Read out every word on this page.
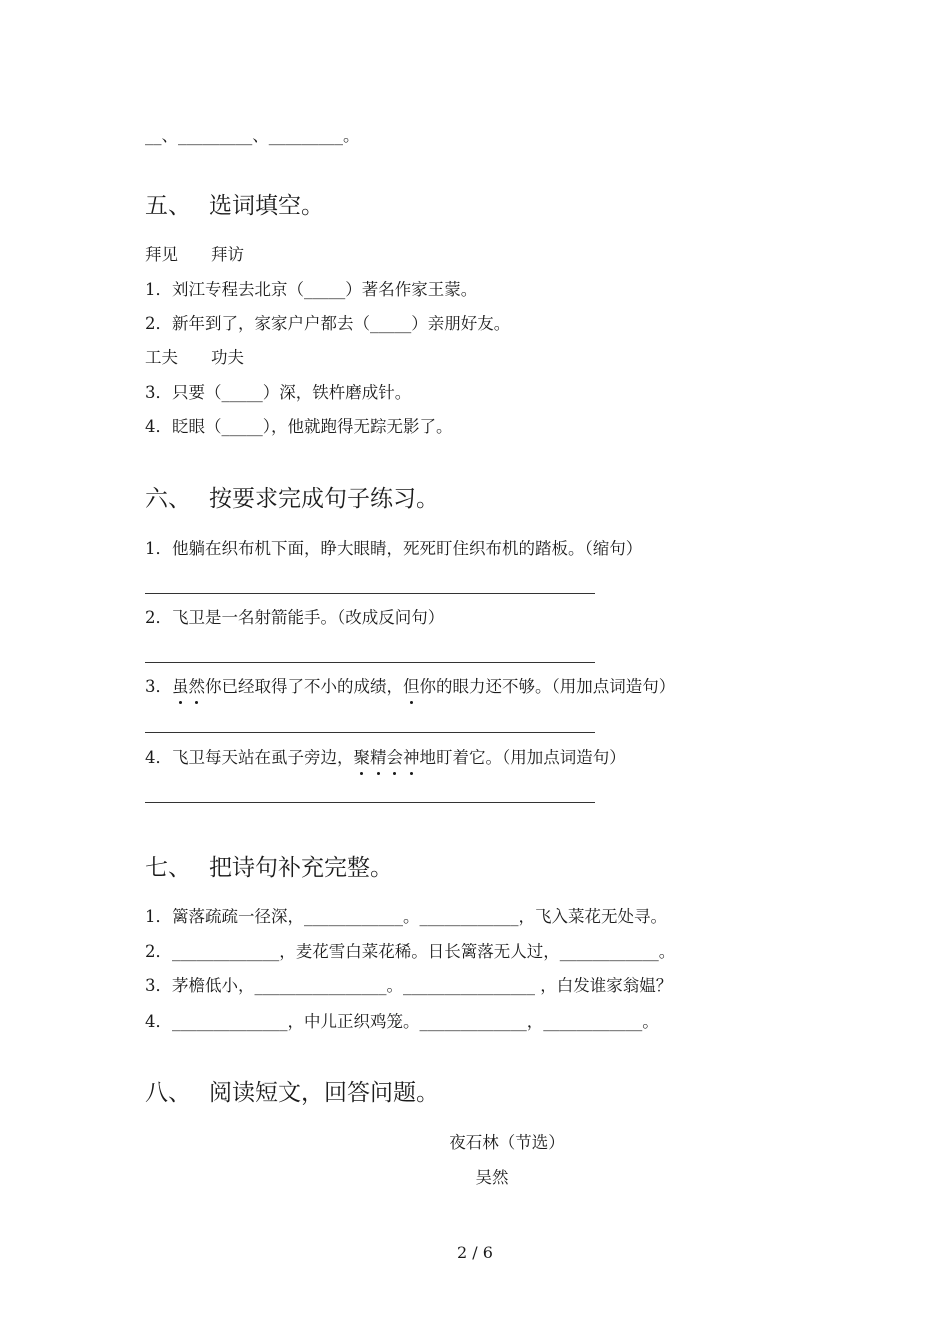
__、_________、_________。
五、 选词填空。
拜见　　拜访
1．刘江专程去北京（_____）著名作家王蒙。
2．新年到了，家家户户都去（_____）亲朋好友。
工夫　　功夫
3．只要（_____）深，铁杵磨成针。
4．眨眼（_____），他就跑得无踪无影了。
六、 按要求完成句子练习。
1．他躺在织布机下面，睁大眼睛，死死盯住织布机的踏板。（缩句）
2．飞卫是一名射箭能手。（改成反问句）
3．虽然你已经取得了不小的成绩，但你的眼力还不够。（用加点词造句）
4．飞卫每天站在虱子旁边，聚精会神地盯着它。（用加点词造句）
七、 把诗句补充完整。
1．篱落疏疏一径深，____________。____________，飞入菜花无处寻。
2．_____________，麦花雪白菜花稀。日长篱落无人过，____________。
3．茅檐低小，________________。________________ ，白发谁家翁媪？
4．______________，中儿正织鸡笼。_____________，____________。
八、 阅读短文，回答问题。
夜石林（节选）
吴然
2 / 6
